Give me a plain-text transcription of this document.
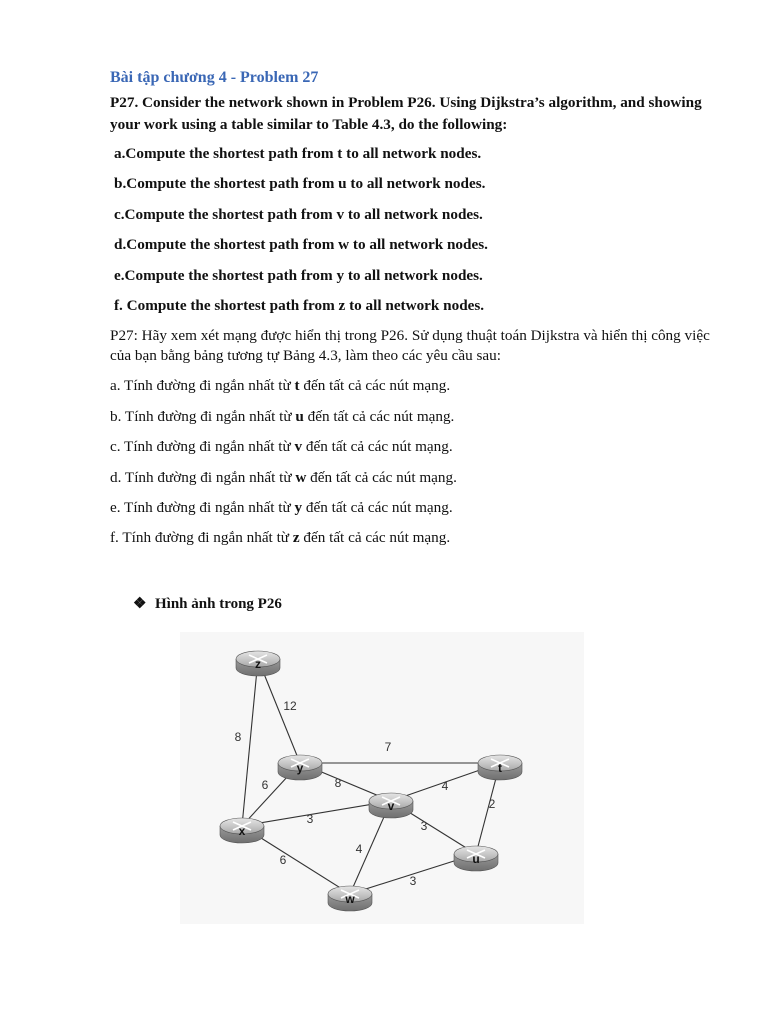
Bài tập chương 4 - Problem 27

P27. Consider the network shown in Problem P26. Using Dijkstra’s algorithm, and showing your work using a table similar to Table 4.3, do the following:

a.Compute the shortest path from t to all network nodes.
b.Compute the shortest path from u to all network nodes.
c.Compute the shortest path from v to all network nodes.
d.Compute the shortest path from w to all network nodes.
e.Compute the shortest path from y to all network nodes.
f. Compute the shortest path from z to all network nodes.

P27: Hãy xem xét mạng được hiển thị trong P26. Sử dụng thuật toán Dijkstra và hiển thị công việc của bạn bằng bảng tương tự Bảng 4.3, làm theo các yêu cầu sau:

a. Tính đường đi ngắn nhất từ t đến tất cả các nút mạng.
b. Tính đường đi ngắn nhất từ u đến tất cả các nút mạng.
c. Tính đường đi ngắn nhất từ v đến tất cả các nút mạng.
d. Tính đường đi ngắn nhất từ w đến tất cả các nút mạng.
e. Tính đường đi ngắn nhất từ y đến tất cả các nút mạng.
f. Tính đường đi ngắn nhất từ z đến tất cả các nút mạng.
❖ Hình ảnh trong P26
8
12
7
6	8	4
2
3	3
4
6
3
z
y	t
v
x
u
w
